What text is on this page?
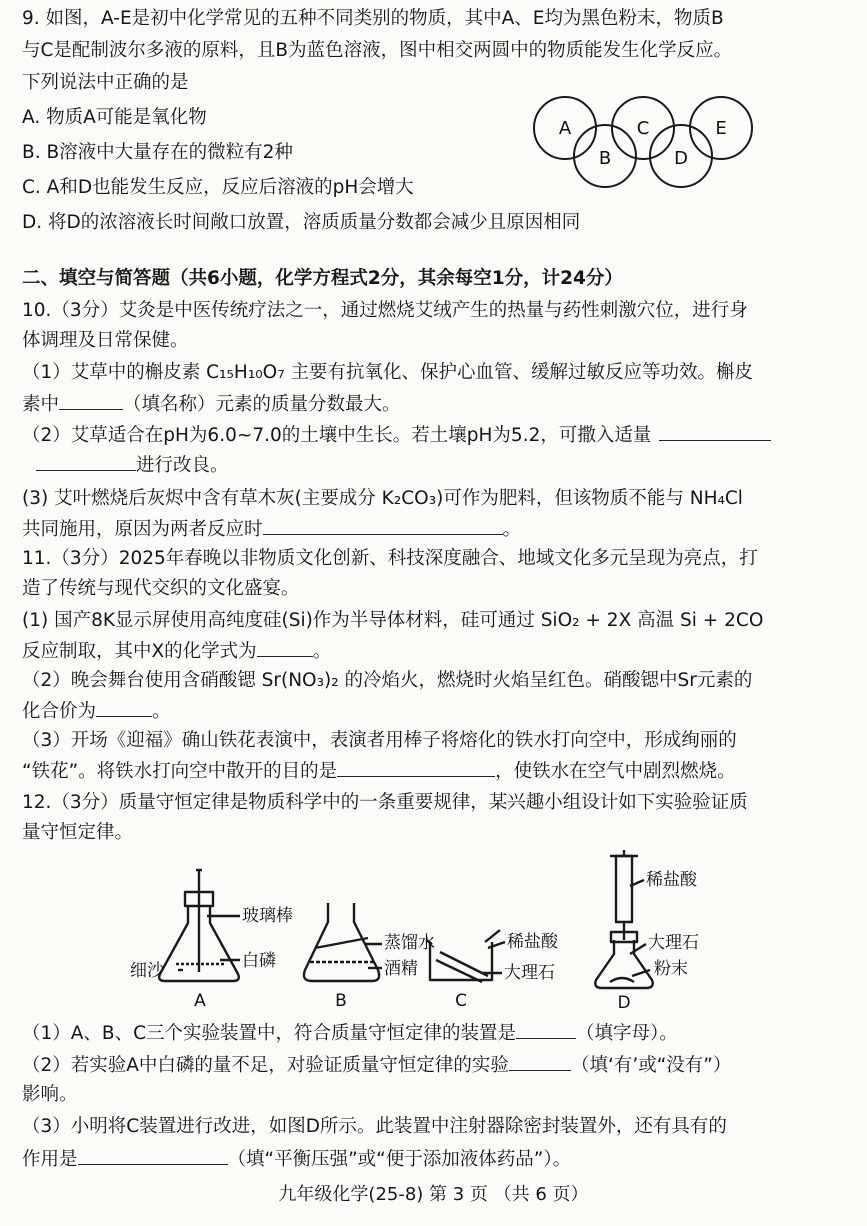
9. 如图，A-E是初中化学常见的五种不同类别的物质，其中A、E均为黑色粉末，物质B
与C是配制波尔多液的原料，且B为蓝色溶液，图中相交两圆中的物质能发生化学反应。
下列说法中正确的是
A. 物质A可能是氧化物
B. B溶液中大量存在的微粒有2种
C. A和D也能发生反应，反应后溶液的pH会增大
D. 将D的浓溶液长时间敞口放置，溶质质量分数都会减少且原因相同
A
B
C
D
E
二、填空与简答题（共6小题，化学方程式2分，其余每空1分，计24分）
10.（3分）艾灸是中医传统疗法之一，通过燃烧艾绒产生的热量与药性刺激穴位，进行身
体调理及日常保健。
（1）艾草中的槲皮素 C₁₅H₁₀O₇ 主要有抗氧化、保护心血管、缓解过敏反应等功效。槲皮
素中	（填名称）元素的质量分数最大。
（2）艾草适合在pH为6.0~7.0的土壤中生长。若土壤pH为5.2，可撒入适量
进行改良。
(3) 艾叶燃烧后灰烬中含有草木灰(主要成分 K₂CO₃)可作为肥料，但该物质不能与 NH₄Cl
共同施用，原因为两者反应时	。
11.（3分）2025年春晚以非物质文化创新、科技深度融合、地域文化多元呈现为亮点，打
造了传统与现代交织的文化盛宴。
(1) 国产8K显示屏使用高纯度硅(Si)作为半导体材料，硅可通过 SiO₂ + 2X 高温 Si + 2CO
反应制取，其中X的化学式为	。
（2）晚会舞台使用含硝酸锶 Sr(NO₃)₂ 的冷焰火，燃烧时火焰呈红色。硝酸锶中Sr元素的
化合价为	。
（3）开场《迎福》确山铁花表演中，表演者用棒子将熔化的铁水打向空中，形成绚丽的
“铁花”。将铁水打向空中散开的目的是	，使铁水在空气中剧烈燃烧。
12.（3分）质量守恒定律是物质科学中的一条重要规律，某兴趣小组设计如下实验验证质
量守恒定律。
玻璃棒
白磷
细沙
蒸馏水
酒精
稀盐酸
大理石
稀盐酸
大理石
粉末
A	B	C	D
（1）A、B、C三个实验装置中，符合质量守恒定律的装置是	（填字母）。
（2）若实验A中白磷的量不足，对验证质量守恒定律的实验	（填‘有’或“没有”）
影响。
（3）小明将C装置进行改进，如图D所示。此装置中注射器除密封装置外，还有具有的
作用是	（填“平衡压强”或“便于添加液体药品”）。
九年级化学(25-8) 第 3 页 （共 6 页）
